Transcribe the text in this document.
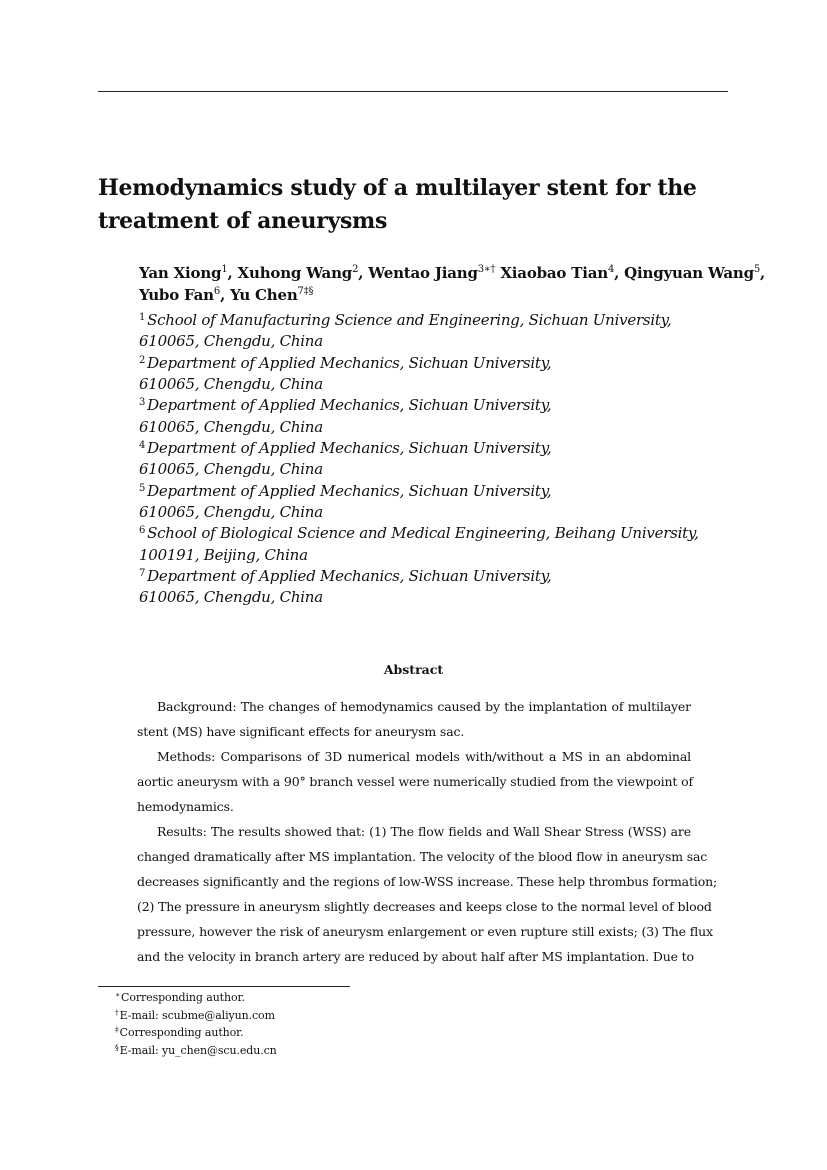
Hemodynamics study of a multilayer stent for the
treatment of aneurysms
Yan Xiong$^1$, Xuhong Wang$^2$, Wentao Jiang$^{3∗\dagger}$ Xiaobao Tian$^4$, Qingyuan Wang$^5$,
Yubo Fan$^6$, Yu Chen$^{7\ddagger\S}$
$^1$ School of Manufacturing Science and Engineering, Sichuan University,
610065, Chengdu, China
$^2$ Department of Applied Mechanics, Sichuan University,
610065, Chengdu, China
$^3$ Department of Applied Mechanics, Sichuan University,
610065, Chengdu, China
$^4$ Department of Applied Mechanics, Sichuan University,
610065, Chengdu, China
$^5$ Department of Applied Mechanics, Sichuan University,
610065, Chengdu, China
$^6$ School of Biological Science and Medical Engineering, Beihang University,
100191, Beijing, China
$^7$ Department of Applied Mechanics, Sichuan University,
610065, Chengdu, China
Abstract
Background: The changes of hemodynamics caused by the implantation of multilayer
stent (MS) have significant effects for aneurysm sac.
Methods: Comparisons of 3D numerical models with/without a MS in an abdominal
aortic aneurysm with a 90° branch vessel were numerically studied from the viewpoint of
hemodynamics.
Results: The results showed that: (1) The flow fields and Wall Shear Stress (WSS) are
changed dramatically after MS implantation. The velocity of the blood flow in aneurysm sac
decreases significantly and the regions of low-WSS increase. These help thrombus formation;
(2) The pressure in aneurysm slightly decreases and keeps close to the normal level of blood
pressure, however the risk of aneurysm enlargement or even rupture still exists; (3) The flux
and the velocity in branch artery are reduced by about half after MS implantation. Due to
∗Corresponding author.
†E-mail: scubme@aliyun.com
‡Corresponding author.
§E-mail: yu_chen@scu.edu.cn
